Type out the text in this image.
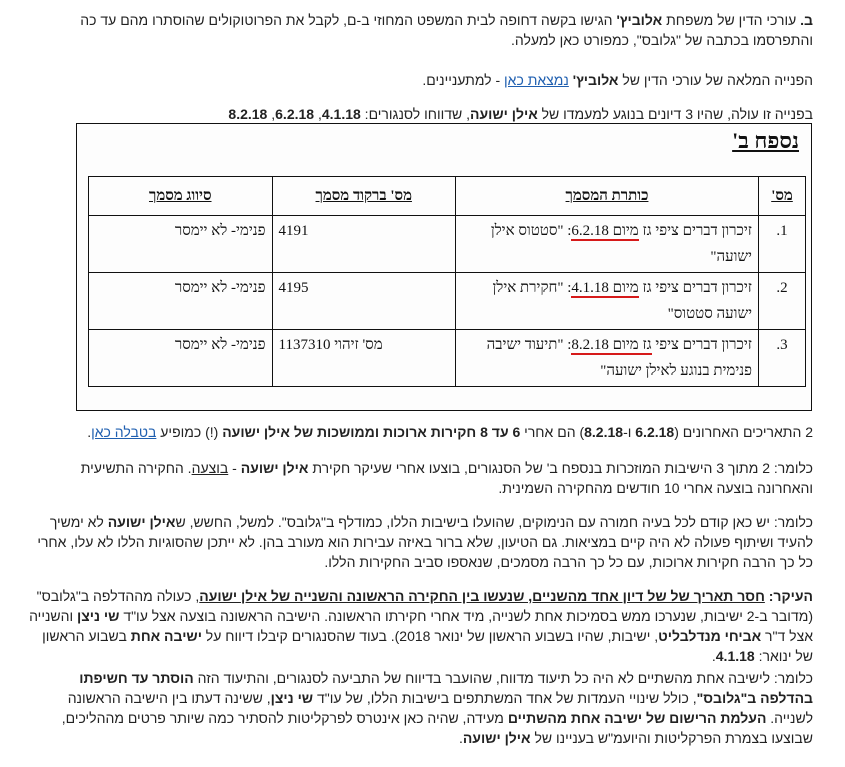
ב. עורכי הדין של משפחת אלוביץ' הגישו בקשה דחופה לבית המשפט המחוזי ב-ם, לקבל את הפרוטוקולים שהוסתרו מהם עד כה והתפרסמו בכתבה של "גלובס", כמפורט כאן למעלה.

הפנייה המלאה של עורכי הדין של אלוביץ' נמצאת כאן - למתעניינים.

בפנייה זו עולה, שהיו 3 דיונים בנוגע למעמדו של אילן ישועה, שדווחו לסנגורים: 4.1.18, 6.2.18, 8.2.18

נספח ב'
מס'	כותרת המסמך	מס' ברקוד מסמך	סיווג מסמך
1.	זיכרון דברים ציפי גז מיום 6.2.18: "סטטוס אילן ישועה"	4191	פנימי- לא יימסר
2.	זיכרון דברים ציפי גז מיום 4.1.18: "חקירת אילן ישועה סטטוס"	4195	פנימי- לא יימסר
3.	זיכרון דברים ציפי גז מיום 8.2.18: "תיעוד ישיבה פנימית בנוגע לאילן ישועה"	1137310 מס' זיהוי	פנימי- לא יימסר

2 התאריכים האחרונים (6.2.18 ו-8.2.18) הם אחרי 6 עד 8 חקירות ארוכות וממושכות של אילן ישועה (!) כמופיע בטבלה כאן.

כלומר: 2 מתוך 3 הישיבות המוזכרות בנספח ב' של הסנגורים, בוצעו אחרי שעיקר חקירת אילן ישועה - בוצעה. החקירה התשיעית והאחרונה בוצעה אחרי 10 חודשים מהחקירה השמינית.

כלומר: יש כאן קודם לכל בעיה חמורה עם הנימוקים, שהועלו בישיבות הללו, כמודלף ב"גלובס". למשל, החשש, שאילן ישועה לא ימשיך להעיד ושיתוף פעולה לא היה קיים במציאות. גם הטיעון, שלא ברור באיזה עבירות הוא מעורב בהן. לא ייתכן שהסוגיות הללו לא עלו, אחרי כל כך הרבה חקירות ארוכות, עם כל כך הרבה מסמכים, שנאספו סביב החקירות הללו.

העיקר: חסר תאריך של של דיון אחד מהשניים, שנעשו בין החקירה הראשונה והשנייה של אילן ישועה, כעולה מההדלפה ב"גלובס" (מדובר ב-2 ישיבות, שנערכו ממש בסמיכות אחת לשנייה, מיד אחרי חקירתו הראשונה. הישיבה הראשונה בוצעה אצל עו"ד שי ניצן והשנייה אצל ד"ר אביחי מנדלבליט, ישיבות, שהיו בשבוע הראשון של ינואר 2018). בעוד שהסנגורים קיבלו דיווח על ישיבה אחת בשבוע הראשון של ינואר: 4.1.18.

כלומר: לישיבה אחת מהשתיים לא היה כל תיעוד מדווח, שהועבר בדיווח של התביעה לסנגורים, והתיעוד הזה הוסתר עד חשיפתו בהדלפה ב"גלובס", כולל שינויי העמדות של אחד המשתתפים בישיבות הללו, של עו"ד שי ניצן, ששינה דעתו בין הישיבה הראשונה לשנייה. העלמת הרישום של ישיבה אחת מהשתיים מעידה, שהיה כאן אינטרס לפרקליטות להסתיר כמה שיותר פרטים מההליכים, שבוצעו בצמרת הפרקליטות והיועמ"ש בעניינו של אילן ישועה.
